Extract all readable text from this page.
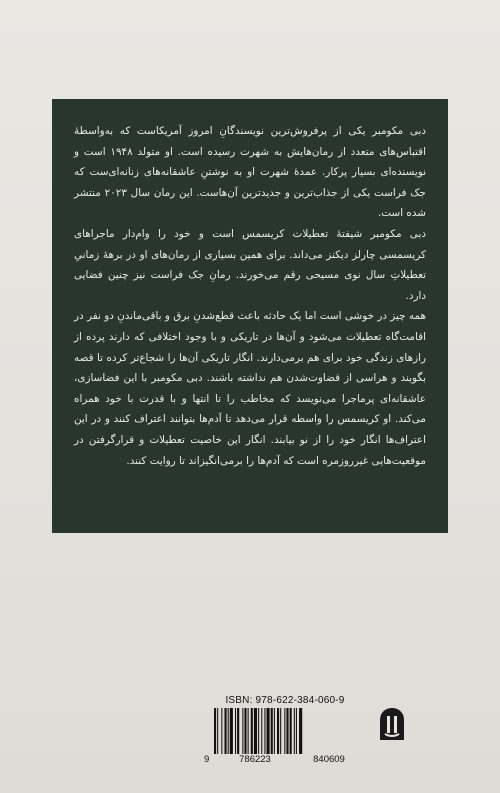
دبی مکومبر یکی از پرفروش‌ترین نویسندگانِ امروز آمریکاست که به‌واسطهٔ اقتباس‌های متعدد از رمان‌هایش به شهرت رسیده است. او متولد ۱۹۴۸ است و نویسنده‌ای بسیار پرکار. عمدهٔ شهرت او به نوشتنِ عاشقانه‌های زنانه‌ای‌ست که جک فراست یکی از جذاب‌ترین و جدیدترین آن‌هاست. این رمان سال ۲۰۲۳ منتشر شده است.
دبی مکومبر شیفتهٔ تعطیلات کریسمس است و خود را وام‌دار ماجراهای کریسمسی چارلز دیکنز می‌داند. برای همین بسیاری از رمان‌های او در برههٔ زمانیِ تعطیلاتِ سال نوی مسیحی رقم می‌خورند. رمانِ جک فراست نیز چنین فضایی دارد.
همه چیز در خوشی است اما یک حادثه باعث قطع‌شدنِ برق و باقی‌ماندنِ دو نفر در اقامت‌گاه تعطیلات می‌شود و آن‌ها در تاریکی و با وجود اختلافی که دارند پرده از رازهای زندگی خود برای هم برمی‌دارند. انگار تاریکی آن‌ها را شجاع‌تر کرده تا قصه بگویند و هراسی از قضاوت‌شدن هم نداشته باشند. دبی مکومبر با این فضاسازی، عاشقانه‌ای پرماجرا می‌نویسد که مخاطب را تا انتها و با قدرت با خود همراه می‌کند. او کریسمس را واسطه قرار می‌دهد تا آدم‌ها بتوانند اعتراف کنند و در این اعتراف‌ها انگار خود را از نو بیابند. انگار این خاصیت تعطیلات و قرارگرفتن در موقعیت‌هایی غیرروزمره است که آدم‌ها را برمی‌انگیزاند تا روایت کنند.

ISBN: 978-622-384-060-9
9	786223	840609
